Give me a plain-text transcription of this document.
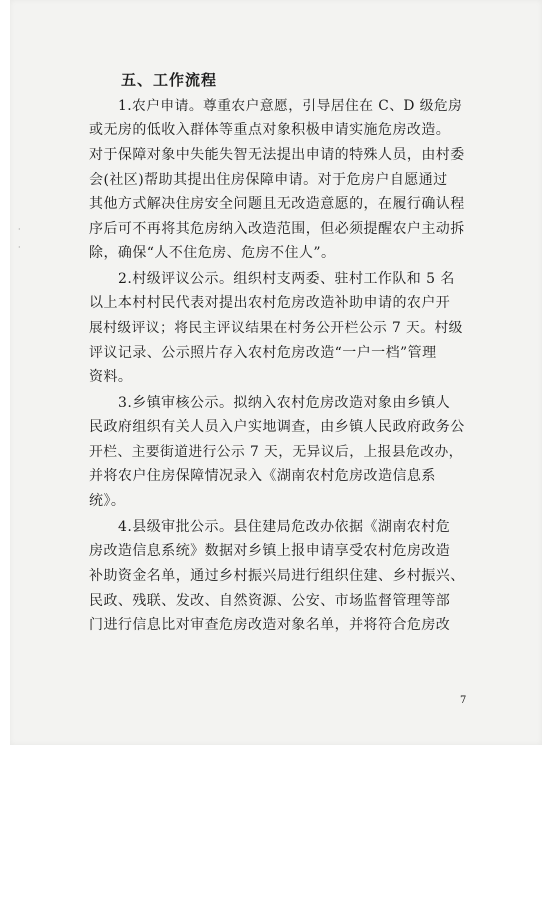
·
·
五、工作流程
1.农户申请。尊重农户意愿，引导居住在 C、D 级危房
或无房的低收入群体等重点对象积极申请实施危房改造。
对于保障对象中失能失智无法提出申请的特殊人员，由村委
会(社区)帮助其提出住房保障申请。对于危房户自愿通过
其他方式解决住房安全问题且无改造意愿的，在履行确认程
序后可不再将其危房纳入改造范围，但必须提醒农户主动拆
除，确保“人不住危房、危房不住人”。
2.村级评议公示。组织村支两委、驻村工作队和 5 名
以上本村村民代表对提出农村危房改造补助申请的农户开
展村级评议；将民主评议结果在村务公开栏公示 7 天。村级
评议记录、公示照片存入农村危房改造“一户一档”管理
资料。
3.乡镇审核公示。拟纳入农村危房改造对象由乡镇人
民政府组织有关人员入户实地调查，由乡镇人民政府政务公
开栏、主要街道进行公示 7 天，无异议后，上报县危改办，
并将农户住房保障情况录入《湖南农村危房改造信息系
统》。
4.县级审批公示。县住建局危改办依据《湖南农村危
房改造信息系统》数据对乡镇上报申请享受农村危房改造
补助资金名单，通过乡村振兴局进行组织住建、乡村振兴、
民政、残联、发改、自然资源、公安、市场监督管理等部
门进行信息比对审查危房改造对象名单，并将符合危房改
7
